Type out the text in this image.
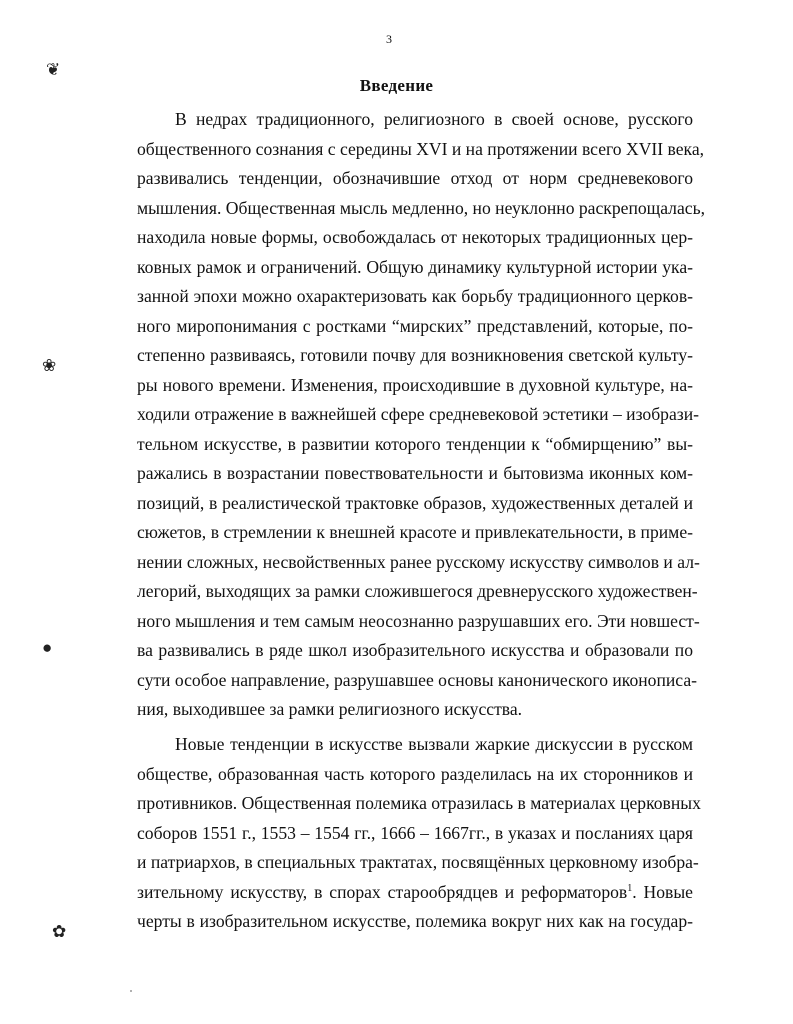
3
Введение
❦
❀
●
✿
В недрах традиционного, религиозного в своей основе, русского
общественного сознания с середины XVI и на протяжении всего XVII века,
развивались тенденции, обозначившие отход от норм средневекового
мышления. Общественная мысль медленно, но неуклонно раскрепощалась,
находила новые формы, освобождалась от некоторых традиционных цер-
ковных рамок и ограничений. Общую динамику культурной истории ука-
занной эпохи можно охарактеризовать как борьбу традиционного церков-
ного миропонимания с ростками “мирских” представлений, которые, по-
степенно развиваясь, готовили почву для возникновения светской культу-
ры нового времени. Изменения, происходившие в духовной культуре, на-
ходили отражение в важнейшей сфере средневековой эстетики – изобрази-
тельном искусстве, в развитии которого тенденции к “обмирщению” вы-
ражались в возрастании повествовательности и бытовизма иконных ком-
позиций, в реалистической трактовке образов, художественных деталей и
сюжетов, в стремлении к внешней красоте и привлекательности, в приме-
нении сложных, несвойственных ранее русскому искусству символов и ал-
легорий, выходящих за рамки сложившегося древнерусского художествен-
ного мышления и тем самым неосознанно разрушавших его. Эти новшест-
ва развивались в ряде школ изобразительного искусства и образовали по
сути особое направление, разрушавшее основы канонического иконописа-
ния, выходившее за рамки религиозного искусства.
Новые тенденции в искусстве вызвали жаркие дискуссии в русском
обществе, образованная часть которого разделилась на их сторонников и
противников. Общественная полемика отразилась в материалах церковных
соборов 1551 г., 1553 – 1554 гг., 1666 – 1667гг., в указах и посланиях царя
и патриархов, в специальных трактатах, посвящённых церковному изобра-
зительному искусству, в спорах старообрядцев и реформаторов$^1$. Новые
черты в изобразительном искусстве, полемика вокруг них как на государ-
